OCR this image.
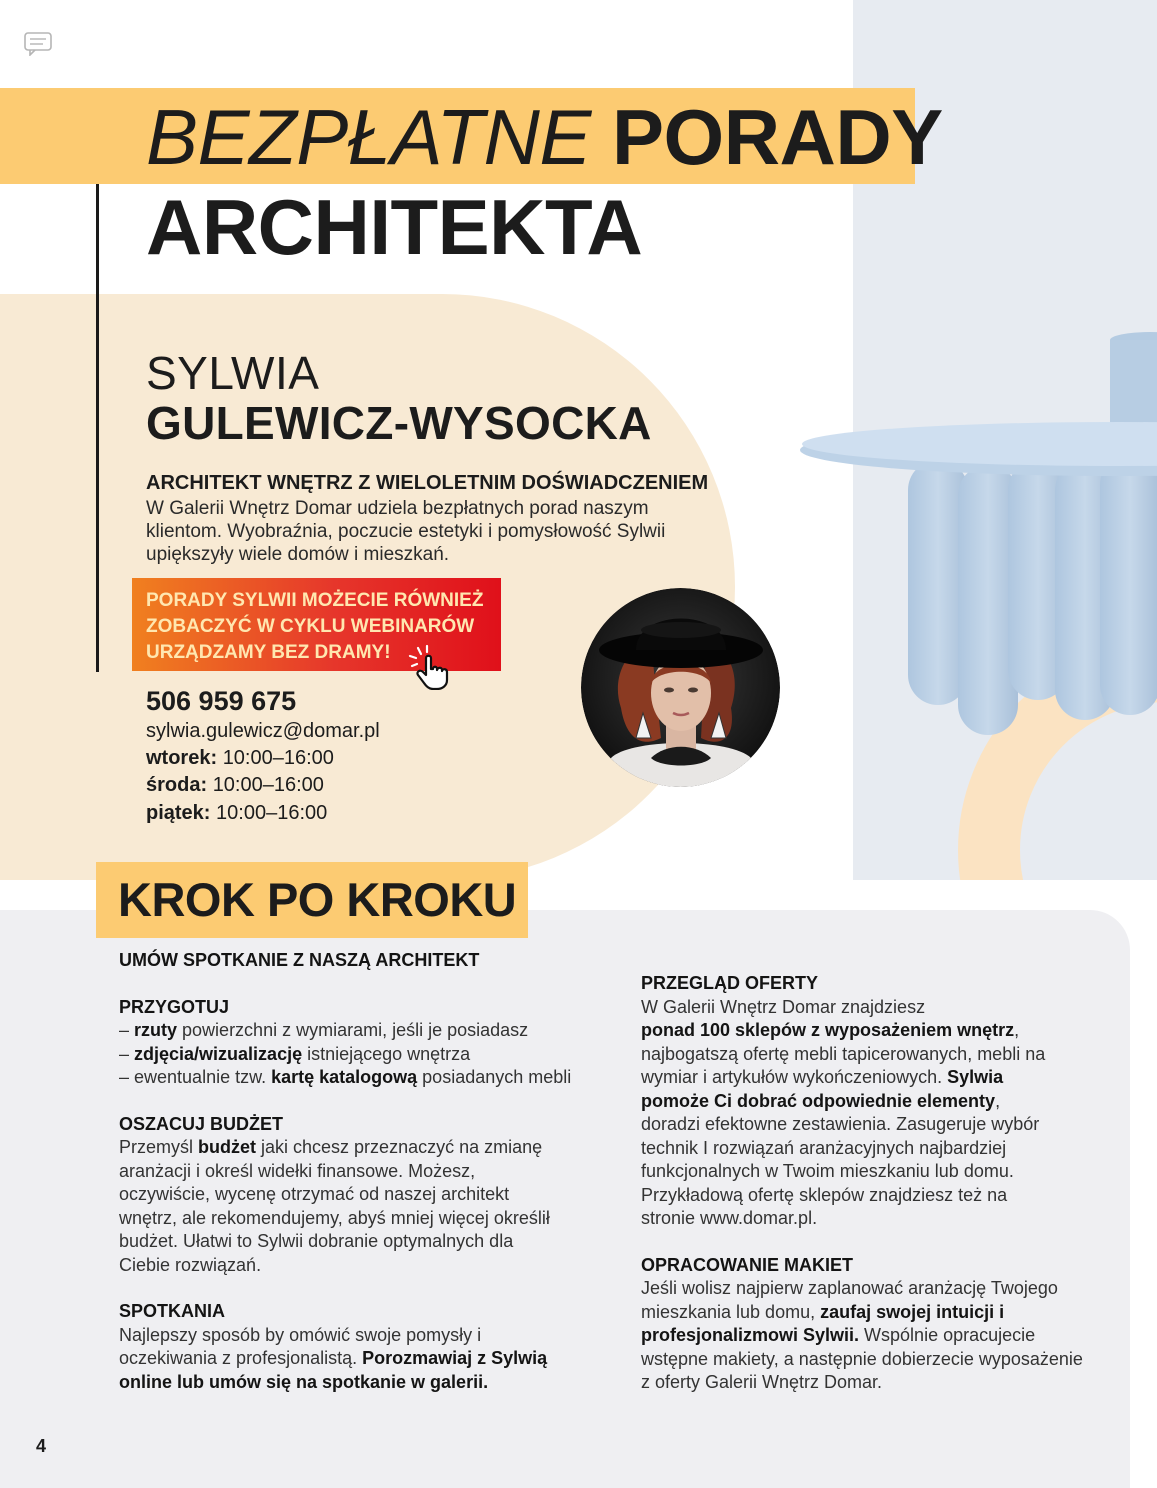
BEZPŁATNE PORADY
ARCHITEKTA
SYLWIA
GULEWICZ-WYSOCKA
ARCHITEKT WNĘTRZ Z WIELOLETNIM DOŚWIADCZENIEM
W Galerii Wnętrz Domar udziela bezpłatnych porad naszym klientom. Wyobraźnia, poczucie estetyki i pomysłowość Sylwii upiększyły wiele domów i mieszkań.
PORADY SYLWII MOŻECIE RÓWNIEŻ ZOBACZYĆ W CYKLU WEBINARÓW URZĄDZAMY BEZ DRAMY!
506 959 675
sylwia.gulewicz@domar.pl
wtorek: 10:00–16:00
środa: 10:00–16:00
piątek: 10:00–16:00
KROK PO KROKU

UMÓW SPOTKANIE Z NASZĄ ARCHITEKT

PRZYGOTUJ

– rzuty powierzchni z wymiarami, jeśli je posiadasz

– zdjęcia/wizualizację istniejącego wnętrza

– ewentualnie tzw. kartę katalogową posiadanych mebli

OSZACUJ BUDŻET

Przemyśl budżet jaki chcesz przeznaczyć na zmianę aranżacji i określ widełki finansowe. Możesz, oczywiście, wycenę otrzymać od naszej architekt wnętrz, ale rekomendujemy, abyś mniej więcej określił budżet. Ułatwi to Sylwii dobranie optymalnych dla Ciebie rozwiązań.

SPOTKANIA

Najlepszy sposób by omówić swoje pomysły i oczekiwania z profesjonalistą. Porozmawiaj z Sylwią online lub umów się na spotkanie w galerii.

PRZEGLĄD OFERTY

W Galerii Wnętrz Domar znajdziesz
ponad 100 sklepów z wyposażeniem wnętrz, najbogatszą ofertę mebli tapicerowanych, mebli na wymiar i artykułów wykończeniowych. Sylwia pomoże Ci dobrać odpowiednie elementy, doradzi efektowne zestawienia. Zasugeruje wybór technik I rozwiązań aranżacyjnych najbardziej funkcjonalnych w Twoim mieszkaniu lub domu. Przykładową ofertę sklepów znajdziesz też na stronie www.domar.pl.

OPRACOWANIE MAKIET

Jeśli wolisz najpierw zaplanować aranżację Twojego mieszkania lub domu, zaufaj swojej intuicji i profesjonalizmowi Sylwii. Wspólnie opracujecie wstępne makiety, a następnie dobierzecie wyposażenie z oferty Galerii Wnętrz Domar.

4
